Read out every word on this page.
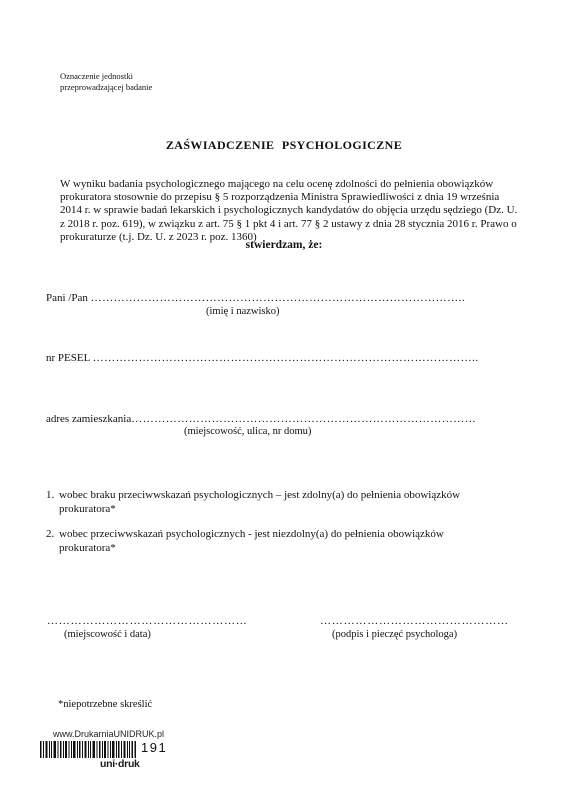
Oznaczenie jednostki
przeprowadzającej badanie
ZAŚWIADCZENIE PSYCHOLOGICZNE
W wyniku badania psychologicznego mającego na celu ocenę zdolności do pełnienia obowiązków prokuratora stosownie do przepisu § 5 rozporządzenia Ministra Sprawiedliwości z dnia 19 września 2014 r. w sprawie badań lekarskich i psychologicznych kandydatów do objęcia urzędu sędziego (Dz. U. z 2018 r. poz. 619), w związku z art. 75 § 1 pkt 4 i art. 77 § 2 ustawy z dnia 28 stycznia 2016 r. Prawo o prokuraturze (t.j. Dz. U. z 2023 r. poz. 1360)
stwierdzam, że:
Pani /Pan ……………………………………………………………………………………..
(imię i nazwisko)
nr PESEL ………………………………………………………………………………………..
adres zamieszkania………………………………………………………………………………
(miejscowość, ulica, nr domu)
1. wobec braku przeciwwskazań psychologicznych – jest zdolny(a) do pełnienia obowiązków
prokuratora*
2. wobec przeciwwskazań psychologicznych - jest niezdolny(a) do pełnienia obowiązków
prokuratora*
……………………………………………
(miejscowość i data)
…………………………………………
(podpis i pieczęć psychologa)
*niepotrzebne skreślić
www.DrukarniaUNIDRUK.pl
191
uni·druk
